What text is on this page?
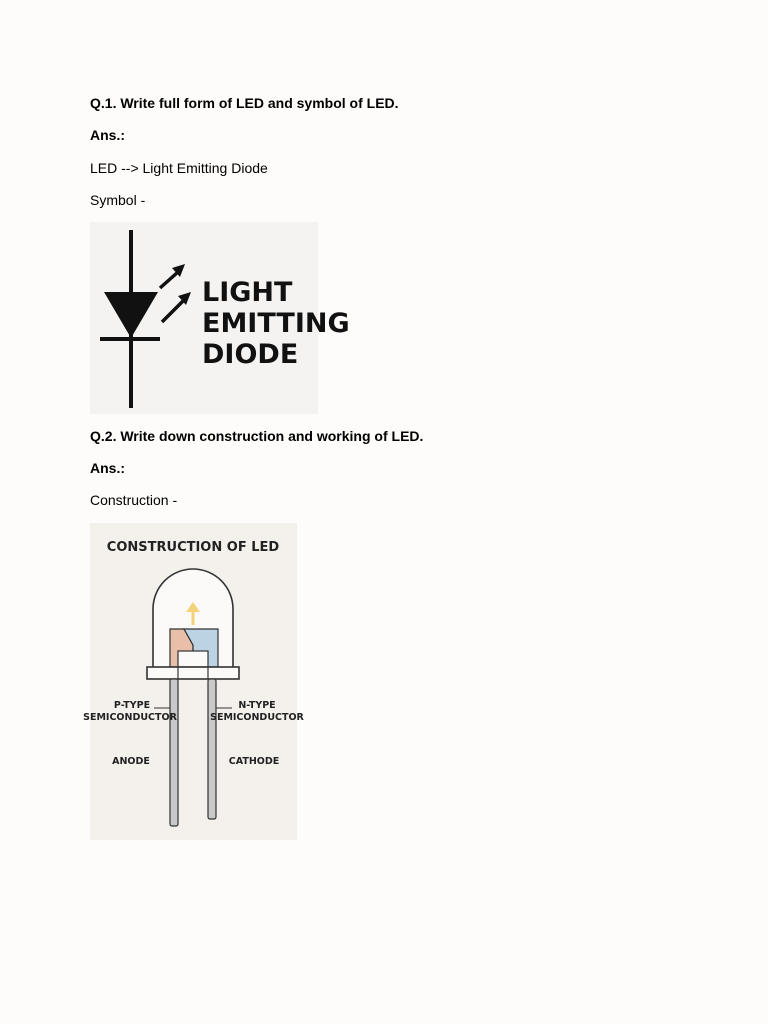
Q.1. Write full form of LED and symbol of LED.
Ans.:
LED --> Light Emitting Diode
Symbol -
LIGHT
EMITTING
DIODE
Q.2. Write down construction and working of LED.
Ans.:
Construction -
CONSTRUCTION OF LED
P-TYPE
SEMICONDUCTOR
N-TYPE
SEMICONDUCTOR
ANODE	CATHODE
